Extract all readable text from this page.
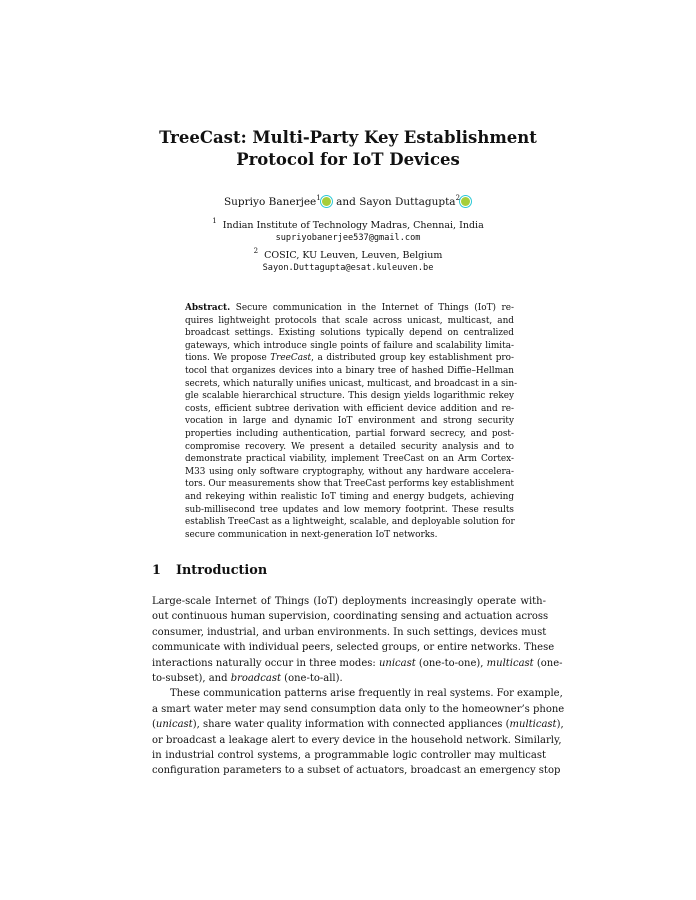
TreeCast: Multi-Party Key Establishment
Protocol for IoT Devices
Supriyo Banerjee$^1$ and Sayon Duttagupta$^2$
$^1$ Indian Institute of Technology Madras, Chennai, India
supriyobanerjee537@gmail.com
$^2$ COSIC, KU Leuven, Leuven, Belgium
Sayon.Duttagupta@esat.kuleuven.be
Abstract. Secure communication in the Internet of Things (IoT) re-
quires lightweight protocols that scale across unicast, multicast, and
broadcast settings. Existing solutions typically depend on centralized
gateways, which introduce single points of failure and scalability limita-
tions. We propose TreeCast, a distributed group key establishment pro-
tocol that organizes devices into a binary tree of hashed Diffie–Hellman
secrets, which naturally unifies unicast, multicast, and broadcast in a sin-
gle scalable hierarchical structure. This design yields logarithmic rekey
costs, efficient subtree derivation with efficient device addition and re-
vocation in large and dynamic IoT environment and strong security
properties including authentication, partial forward secrecy, and post-
compromise recovery. We present a detailed security analysis and to
demonstrate practical viability, implement TreeCast on an Arm Cortex-
M33 using only software cryptography, without any hardware accelera-
tors. Our measurements show that TreeCast performs key establishment
and rekeying within realistic IoT timing and energy budgets, achieving
sub-millisecond tree updates and low memory footprint. These results
establish TreeCast as a lightweight, scalable, and deployable solution for
secure communication in next-generation IoT networks.
1 Introduction
Large-scale Internet of Things (IoT) deployments increasingly operate with-
out continuous human supervision, coordinating sensing and actuation across
consumer, industrial, and urban environments. In such settings, devices must
communicate with individual peers, selected groups, or entire networks. These
interactions naturally occur in three modes: unicast (one-to-one), multicast (one-
to-subset), and broadcast (one-to-all).
These communication patterns arise frequently in real systems. For example,
a smart water meter may send consumption data only to the homeowner’s phone
(unicast), share water quality information with connected appliances (multicast),
or broadcast a leakage alert to every device in the household network. Similarly,
in industrial control systems, a programmable logic controller may multicast
configuration parameters to a subset of actuators, broadcast an emergency stop
